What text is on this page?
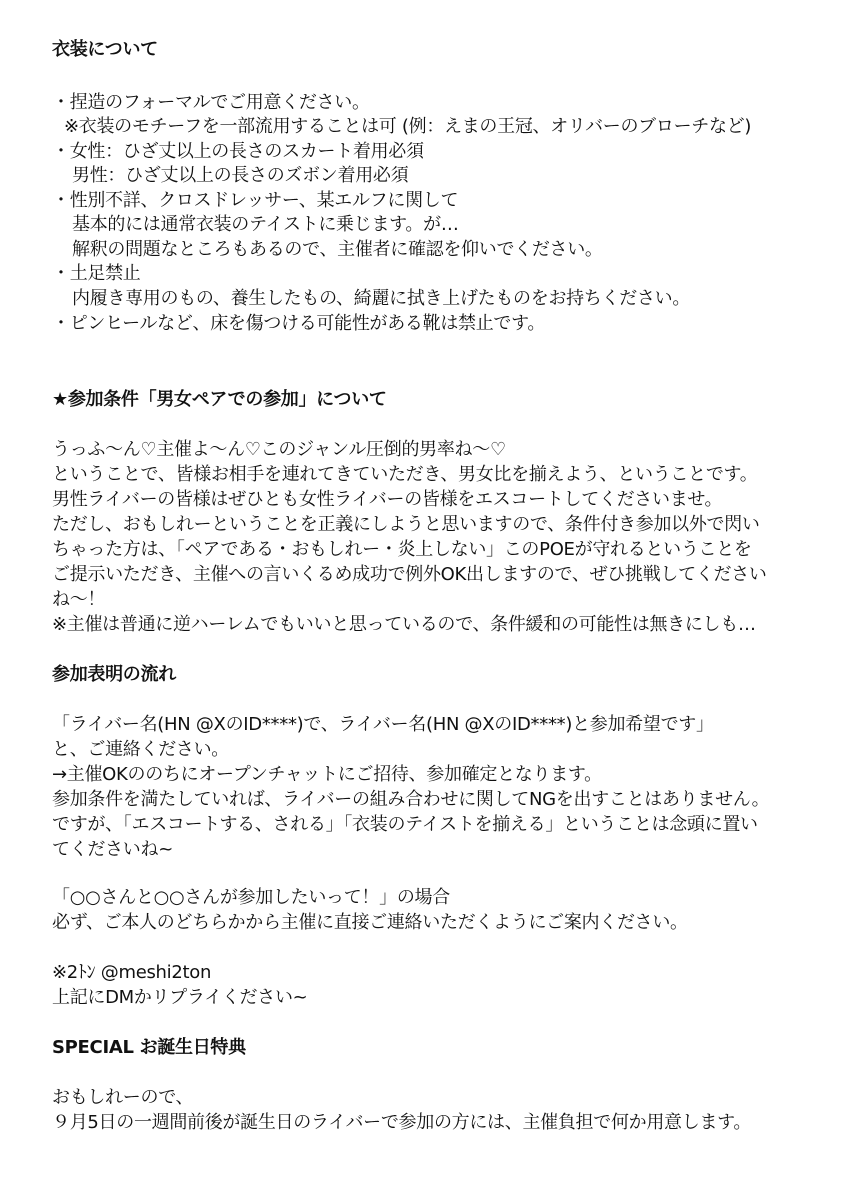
衣装について
・捏造のフォーマルでご用意ください。
※衣装のモチーフを一部流用することは可 (例：えまの王冠、オリバーのブローチなど)
・女性：ひざ丈以上の長さのスカート着用必須
男性：ひざ丈以上の長さのズボン着用必須
・性別不詳、クロスドレッサー、某エルフに関して
基本的には通常衣装のテイストに乗じます。が…
解釈の問題なところもあるので、主催者に確認を仰いでください。
・土足禁止
内履き専用のもの、養生したもの、綺麗に拭き上げたものをお持ちください。
・ピンヒールなど、床を傷つける可能性がある靴は禁止です。
★参加条件「男女ペアでの参加」について
うっふ〜ん♡主催よ〜ん♡このジャンル圧倒的男率ね〜♡
ということで、皆様お相手を連れてきていただき、男女比を揃えよう、ということです。
男性ライバーの皆様はぜひとも女性ライバーの皆様をエスコートしてくださいませ。
ただし、おもしれーということを正義にしようと思いますので、条件付き参加以外で閃い
ちゃった方は、「ペアである・おもしれー・炎上しない」このPOEが守れるということを
ご提示いただき、主催への言いくるめ成功で例外OK出しますので、ぜひ挑戦してください
ね〜！
※主催は普通に逆ハーレムでもいいと思っているので、条件緩和の可能性は無きにしも…
参加表明の流れ
「ライバー名(HN @XのID****)で、ライバー名(HN @XのID****)と参加希望です」
と、ご連絡ください。
→主催OKののちにオープンチャットにご招待、参加確定となります。
参加条件を満たしていれば、ライバーの組み合わせに関してNGを出すことはありません。
ですが、「エスコートする、される」「衣装のテイストを揃える」ということは念頭に置い
てくださいね~
「○○さんと○○さんが参加したいって！」の場合
必ず、ご本人のどちらかから主催に直接ご連絡いただくようにご案内ください。
※2ﾄﾝ @meshi2ton
上記にDMかリプライください~
SPECIAL お誕生日特典
おもしれーので、
９月5日の一週間前後が誕生日のライバーで参加の方には、主催負担で何か用意します。
